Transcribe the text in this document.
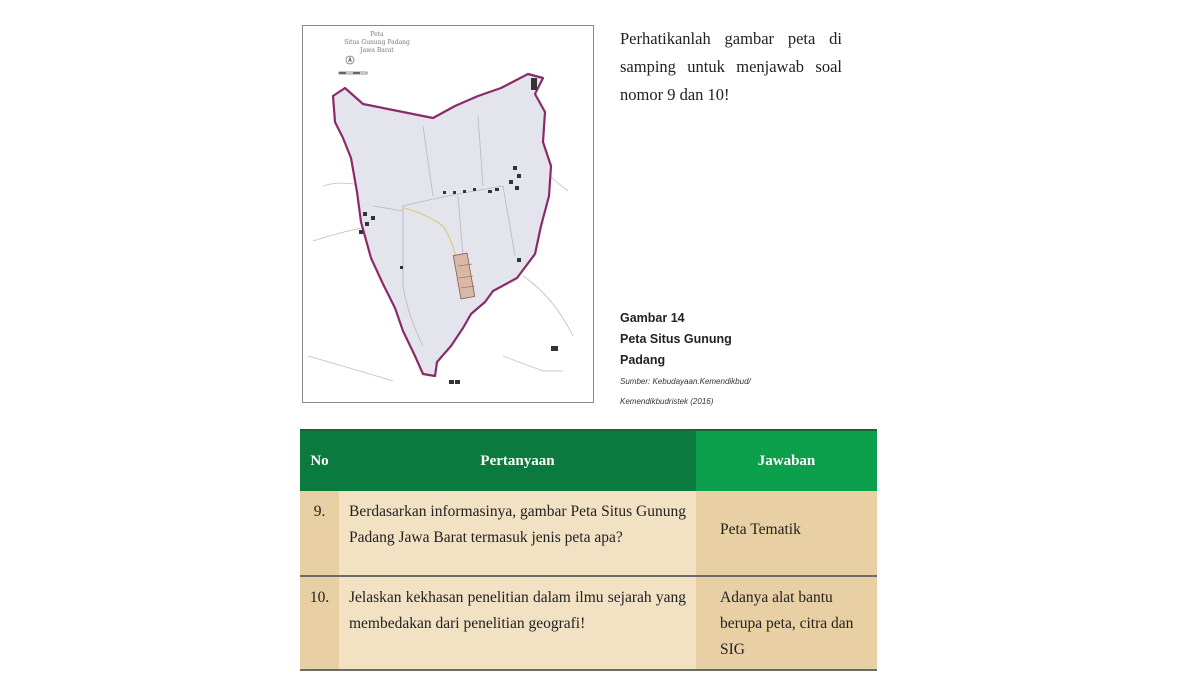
Peta
Situs Gunung Padang
Jawa Barat
Perhatikanlah gambar peta di samping untuk menjawab soal nomor 9 dan 10!
Gambar 14
Peta Situs Gunung
Padang
Sumber: Kebudayaan.Kemendikbud/
Kemendikbudristek (2016)
No	Pertanyaan	Jawaban
9.	Berdasarkan informasinya, gambar Peta Situs Gunung Padang Jawa Barat termasuk jenis peta apa?	Peta Tematik
10.	Jelaskan kekhasan penelitian dalam ilmu sejarah yang membedakan dari penelitian geografi!	Adanya alat bantu berupa peta, citra dan SIG
